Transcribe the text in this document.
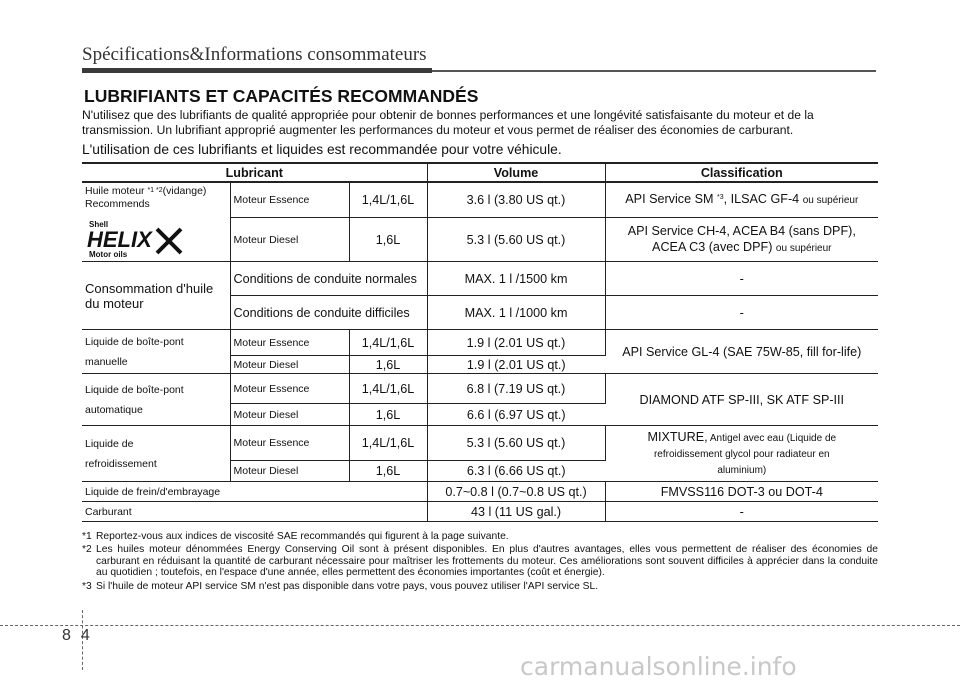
Spécifications&Informations consommateurs
LUBRIFIANTS ET CAPACITÉS RECOMMANDÉS
N'utilisez que des lubrifiants de qualité appropriée pour obtenir de bonnes performances et une longévité satisfaisante du moteur et de la transmission. Un lubrifiant approprié augmenter les performances du moteur et vous permet de réaliser des économies de carburant.
L'utilisation de ces lubrifiants et liquides est recommandée pour votre véhicule.
Lubricant			Volume	Classification
Huile moteur $^{*1 *2}$(vidange)
Recommends
Shell
HELIX
Motor oils	Moteur Essence	1,4L/1,6L	3.6 l (3.80 US qt.)	API Service SM $^{*3}$, ILSAC GF-4 ou supérieur
	Moteur Diesel	1,6L	5.3 l (5.60 US qt.)	API Service CH-4, ACEA B4 (sans DPF),
ACEA C3 (avec DPF) ou supérieur
Consommation d'huile du moteur	Conditions de conduite normales		MAX. 1 l /1500 km	-
	Conditions de conduite difficiles		MAX. 1 l /1000 km	-
Liquide de boîte-pont
manuelle	Moteur Essence	1,4L/1,6L	1.9 l (2.01 US qt.)	API Service GL-4 (SAE 75W-85, fill for-life)
	Moteur Diesel	1,6L	1.9 l (2.01 US qt.)	
Liquide de boîte-pont
automatique	Moteur Essence	1,4L/1,6L	6.8 l (7.19 US qt.)	DIAMOND ATF SP-III, SK ATF SP-III
	Moteur Diesel	1,6L	6.6 l (6.97 US qt.)	
Liquide de
refroidissement	Moteur Essence	1,4L/1,6L	5.3 l (5.60 US qt.)	MIXTURE, Antigel avec eau (Liquide de
refroidissement glycol pour radiateur en
aluminium)
	Moteur Diesel	1,6L	6.3 l (6.66 US qt.)	
Liquide de frein/d'embrayage			0.7~0.8 l (0.7~0.8 US qt.)	FMVSS116 DOT-3 ou DOT-4
Carburant			43 l (11 US gal.)	-
*1 Reportez-vous aux indices de viscosité SAE recommandés qui figurent à la page suivante.
*2 Les huiles moteur dénommées Energy Conserving Oil sont à présent disponibles. En plus d'autres avantages, elles vous permettent de réaliser des économies de carburant en réduisant la quantité de carburant nécessaire pour maîtriser les frottements du moteur. Ces améliorations sont souvent difficiles à apprécier dans la conduite au quotidien ; toutefois, en l'espace d'une année, elles permettent des économies importantes (coût et énergie).
*3 Si l'huile de moteur API service SM n'est pas disponible dans votre pays, vous pouvez utiliser l'API service SL.
8 4
carmanualsonline.info
